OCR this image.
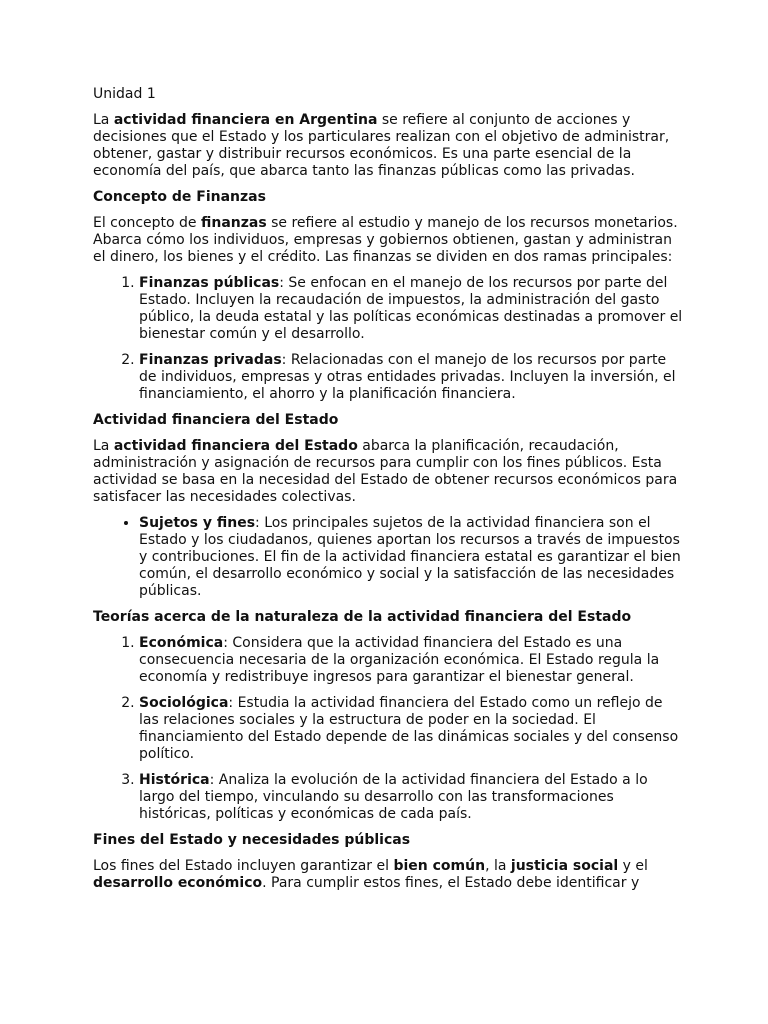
Unidad 1

La actividad financiera en Argentina se refiere al conjunto de acciones y decisiones que el Estado y los particulares realizan con el objetivo de administrar, obtener, gastar y distribuir recursos económicos. Es una parte esencial de la economía del país, que abarca tanto las finanzas públicas como las privadas.

Concepto de Finanzas

El concepto de finanzas se refiere al estudio y manejo de los recursos monetarios. Abarca cómo los individuos, empresas y gobiernos obtienen, gastan y administran el dinero, los bienes y el crédito. Las finanzas se dividen en dos ramas principales:

1. Finanzas públicas: Se enfocan en el manejo de los recursos por parte del Estado. Incluyen la recaudación de impuestos, la administración del gasto público, la deuda estatal y las políticas económicas destinadas a promover el bienestar común y el desarrollo.
2. Finanzas privadas: Relacionadas con el manejo de los recursos por parte de individuos, empresas y otras entidades privadas. Incluyen la inversión, el financiamiento, el ahorro y la planificación financiera.
Actividad financiera del Estado

La actividad financiera del Estado abarca la planificación, recaudación, administración y asignación de recursos para cumplir con los fines públicos. Esta actividad se basa en la necesidad del Estado de obtener recursos económicos para satisfacer las necesidades colectivas.

• Sujetos y fines: Los principales sujetos de la actividad financiera son el Estado y los ciudadanos, quienes aportan los recursos a través de impuestos y contribuciones. El fin de la actividad financiera estatal es garantizar el bien común, el desarrollo económico y social y la satisfacción de las necesidades públicas.
Teorías acerca de la naturaleza de la actividad financiera del Estado
1. Económica: Considera que la actividad financiera del Estado es una consecuencia necesaria de la organización económica. El Estado regula la economía y redistribuye ingresos para garantizar el bienestar general.
2. Sociológica: Estudia la actividad financiera del Estado como un reflejo de las relaciones sociales y la estructura de poder en la sociedad. El financiamiento del Estado depende de las dinámicas sociales y del consenso político.
3. Histórica: Analiza la evolución de la actividad financiera del Estado a lo largo del tiempo, vinculando su desarrollo con las transformaciones históricas, políticas y económicas de cada país.
Fines del Estado y necesidades públicas

Los fines del Estado incluyen garantizar el bien común, la justicia social y el desarrollo económico. Para cumplir estos fines, el Estado debe identificar y
